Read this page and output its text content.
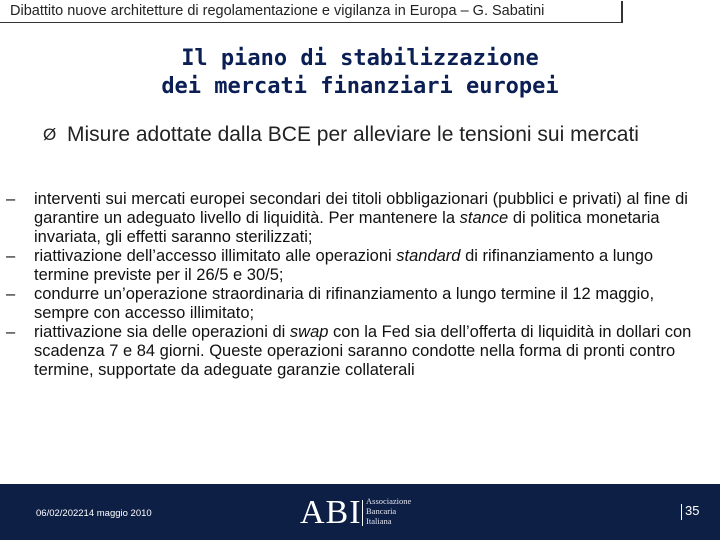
Dibattito nuove architetture di regolamentazione e vigilanza in Europa – G. Sabatini
Il piano di stabilizzazione
dei mercati finanziari europei
Ø Misure adottate dalla BCE per alleviare le tensioni sui mercati

– interventi sui mercati europei secondari dei titoli obbligazionari (pubblici e privati) al fine di garantire un adeguato livello di liquidità. Per mantenere la stance di politica monetaria invariata, gli effetti saranno sterilizzati;

– riattivazione dell’accesso illimitato alle operazioni standard di rifinanziamento a lungo termine previste per il 26/5 e 30/5;

– condurre un’operazione straordinaria di rifinanziamento a lungo termine il 12 maggio, sempre con accesso illimitato;

– riattivazione sia delle operazioni di swap con la Fed sia dell’offerta di liquidità in dollari con scadenza 7 e 84 giorni. Queste operazioni saranno condotte nella forma di pronti contro termine, supportate da adeguate garanzie collaterali

06/02/202214 maggio 2010	ABI Associazione
Bancaria
Italiana
35
